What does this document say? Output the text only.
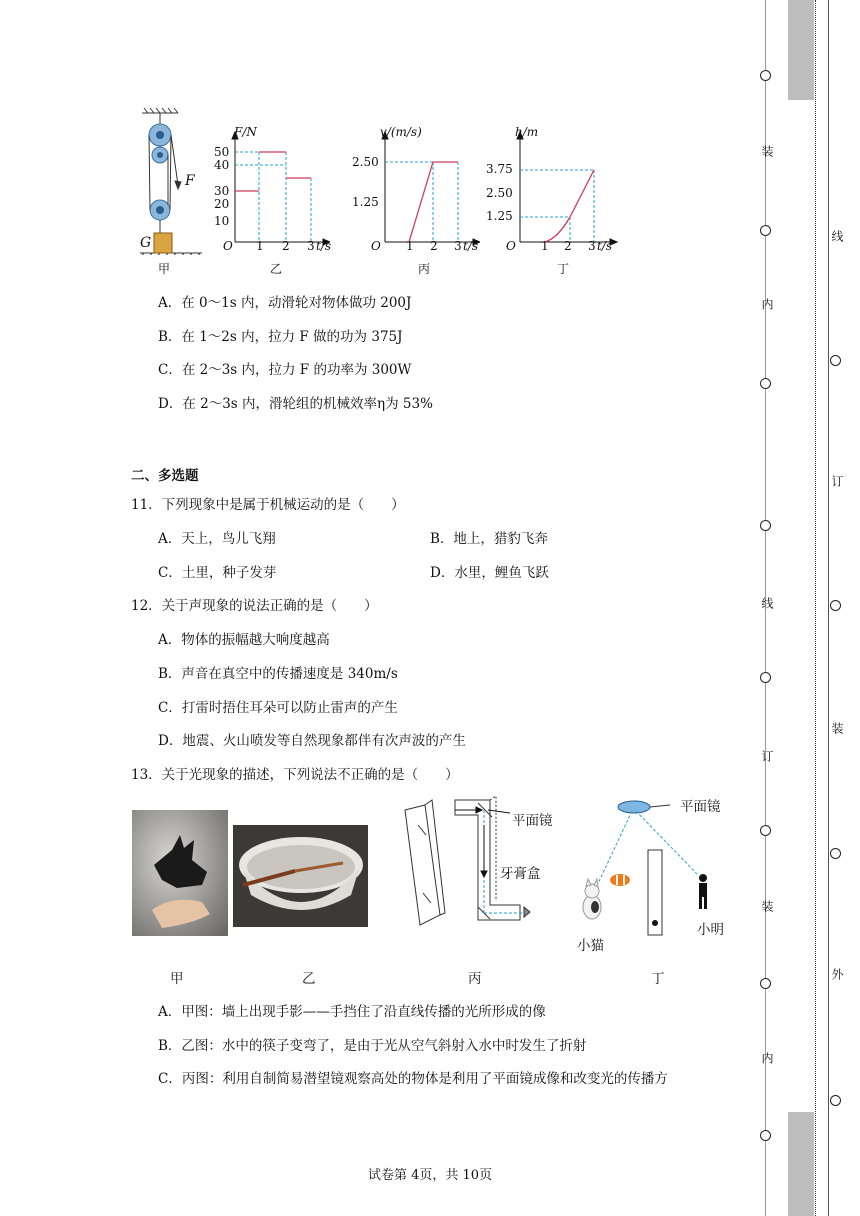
G
F
甲
F/N
50
40
30
20
10
O 1 2 3 t/s
乙
v/(m/s)
2.50
1.25
O 1 2 3 t/s
丙
h/m
3.75
2.50
1.25
O 1 2 3 t/s
丁
A．在 0～1s 内，动滑轮对物体做功 200J
B．在 1～2s 内，拉力 F 做的功为 375J
C．在 2～3s 内，拉力 F 的功率为 300W
D．在 2～3s 内，滑轮组的机械效率η为 53%
二、多选题
11．下列现象中是属于机械运动的是（　　）
A．天上，鸟儿飞翔	B．地上，猎豹飞奔
C．土里，种子发芽	D．水里，鲤鱼飞跃
12．关于声现象的说法正确的是（　　）
A．物体的振幅越大响度越高
B．声音在真空中的传播速度是 340m/s
C．打雷时捂住耳朵可以防止雷声的产生
D．地震、火山喷发等自然现象都伴有次声波的产生
13．关于光现象的描述，下列说法不正确的是（　　）
平面镜
牙膏盒
平面镜
小猫
小明
甲	乙	丙	丁
A．甲图：墙上出现手影——手挡住了沿直线传播的光所形成的像
B．乙图：水中的筷子变弯了，是由于光从空气斜射入水中时发生了折射
C．丙图：利用自制简易潜望镜观察高处的物体是利用了平面镜成像和改变光的传播方
试卷第 4页，共 10页
装
内
线
订
装
内
线
订
装
外
